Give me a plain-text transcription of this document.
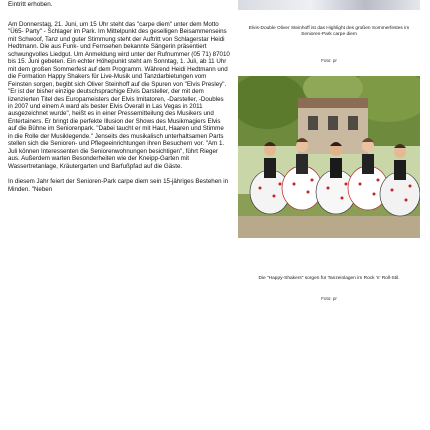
Eintritt erhoben.

Am Donnerstag, 21. Juni, um 15 Uhr steht das "carpe diem" unter dem Motto "Ü65- Party" - Schlager im Park. Im Mittelpunkt des geselligen Beisammenseins mit Schwoof, Tanz und guter Stimmung steht der Auftritt von Schlagerstar Heidi Hedtmann. Die aus Funk- und Fernsehen bekannte Sängerin präsentiert schwungvolles Liedgut. Um Anmeldung wird unter der Rufnummer (05 71) 87010 bis 15. Juni gebeten. Ein echter Höhepunkt steht am Sonntag, 1. Juli, ab 11 Uhr mit dem großen Sommerfest auf dem Programm. Während Heidi Hedtmann und die Formation Happy Shakers für Live-Musik und Tanzdarbietungen vom Feinsten sorgen, begibt sich Oliver Steinhoff auf die Spuren von "Elvis Presley". "Er ist der bisher einzige deutschsprachige Elvis Darsteller, der mit dem lizenzierten Titel des Europameisters der Elvis Imitatoren, -Darsteller, -Doubles in 2007 und einem A ward als bester Elvis Overall in Las Vegas in 2011 ausgezeichnet wurde", heißt es in einer Pressemitteilung des Musikers und Entertainers. Er bringt die perfekte Illusion der Shows des Musikmagiers Elvis auf die Bühne im Seniorenpark. "Dabei taucht er mit Haut, Haaren und Stimme in die Rolle der Musiklegende." Jenseits des musikalisch unterhaltsamen Parts stellen sich die Senioren- und Pflegeeinrichtungen ihren Besuchern vor. "Am 1. Juli können Interessenten die Seniorenwohnungen besichtigen", führt Rieger aus. Außerdem warten Besonderheiten wie der Kneipp-Garten mit Wassertretanlage, Kräutergarten und Barfußpfad auf die Gäste.

In diesem Jahr feiert der Senioren-Park carpe diem sein 15-jähriges Bestehen in Minden. "Neben

Elvis-Double Oliver Steinhoff ist das Highlight des großen Sommerfestes im Senioren-Park carpe diem
Foto: pr
Die "Happy-Shakers" sorgen für Tanzeinlagen im Rock 'n' Roll-Stil.
Foto: pr
